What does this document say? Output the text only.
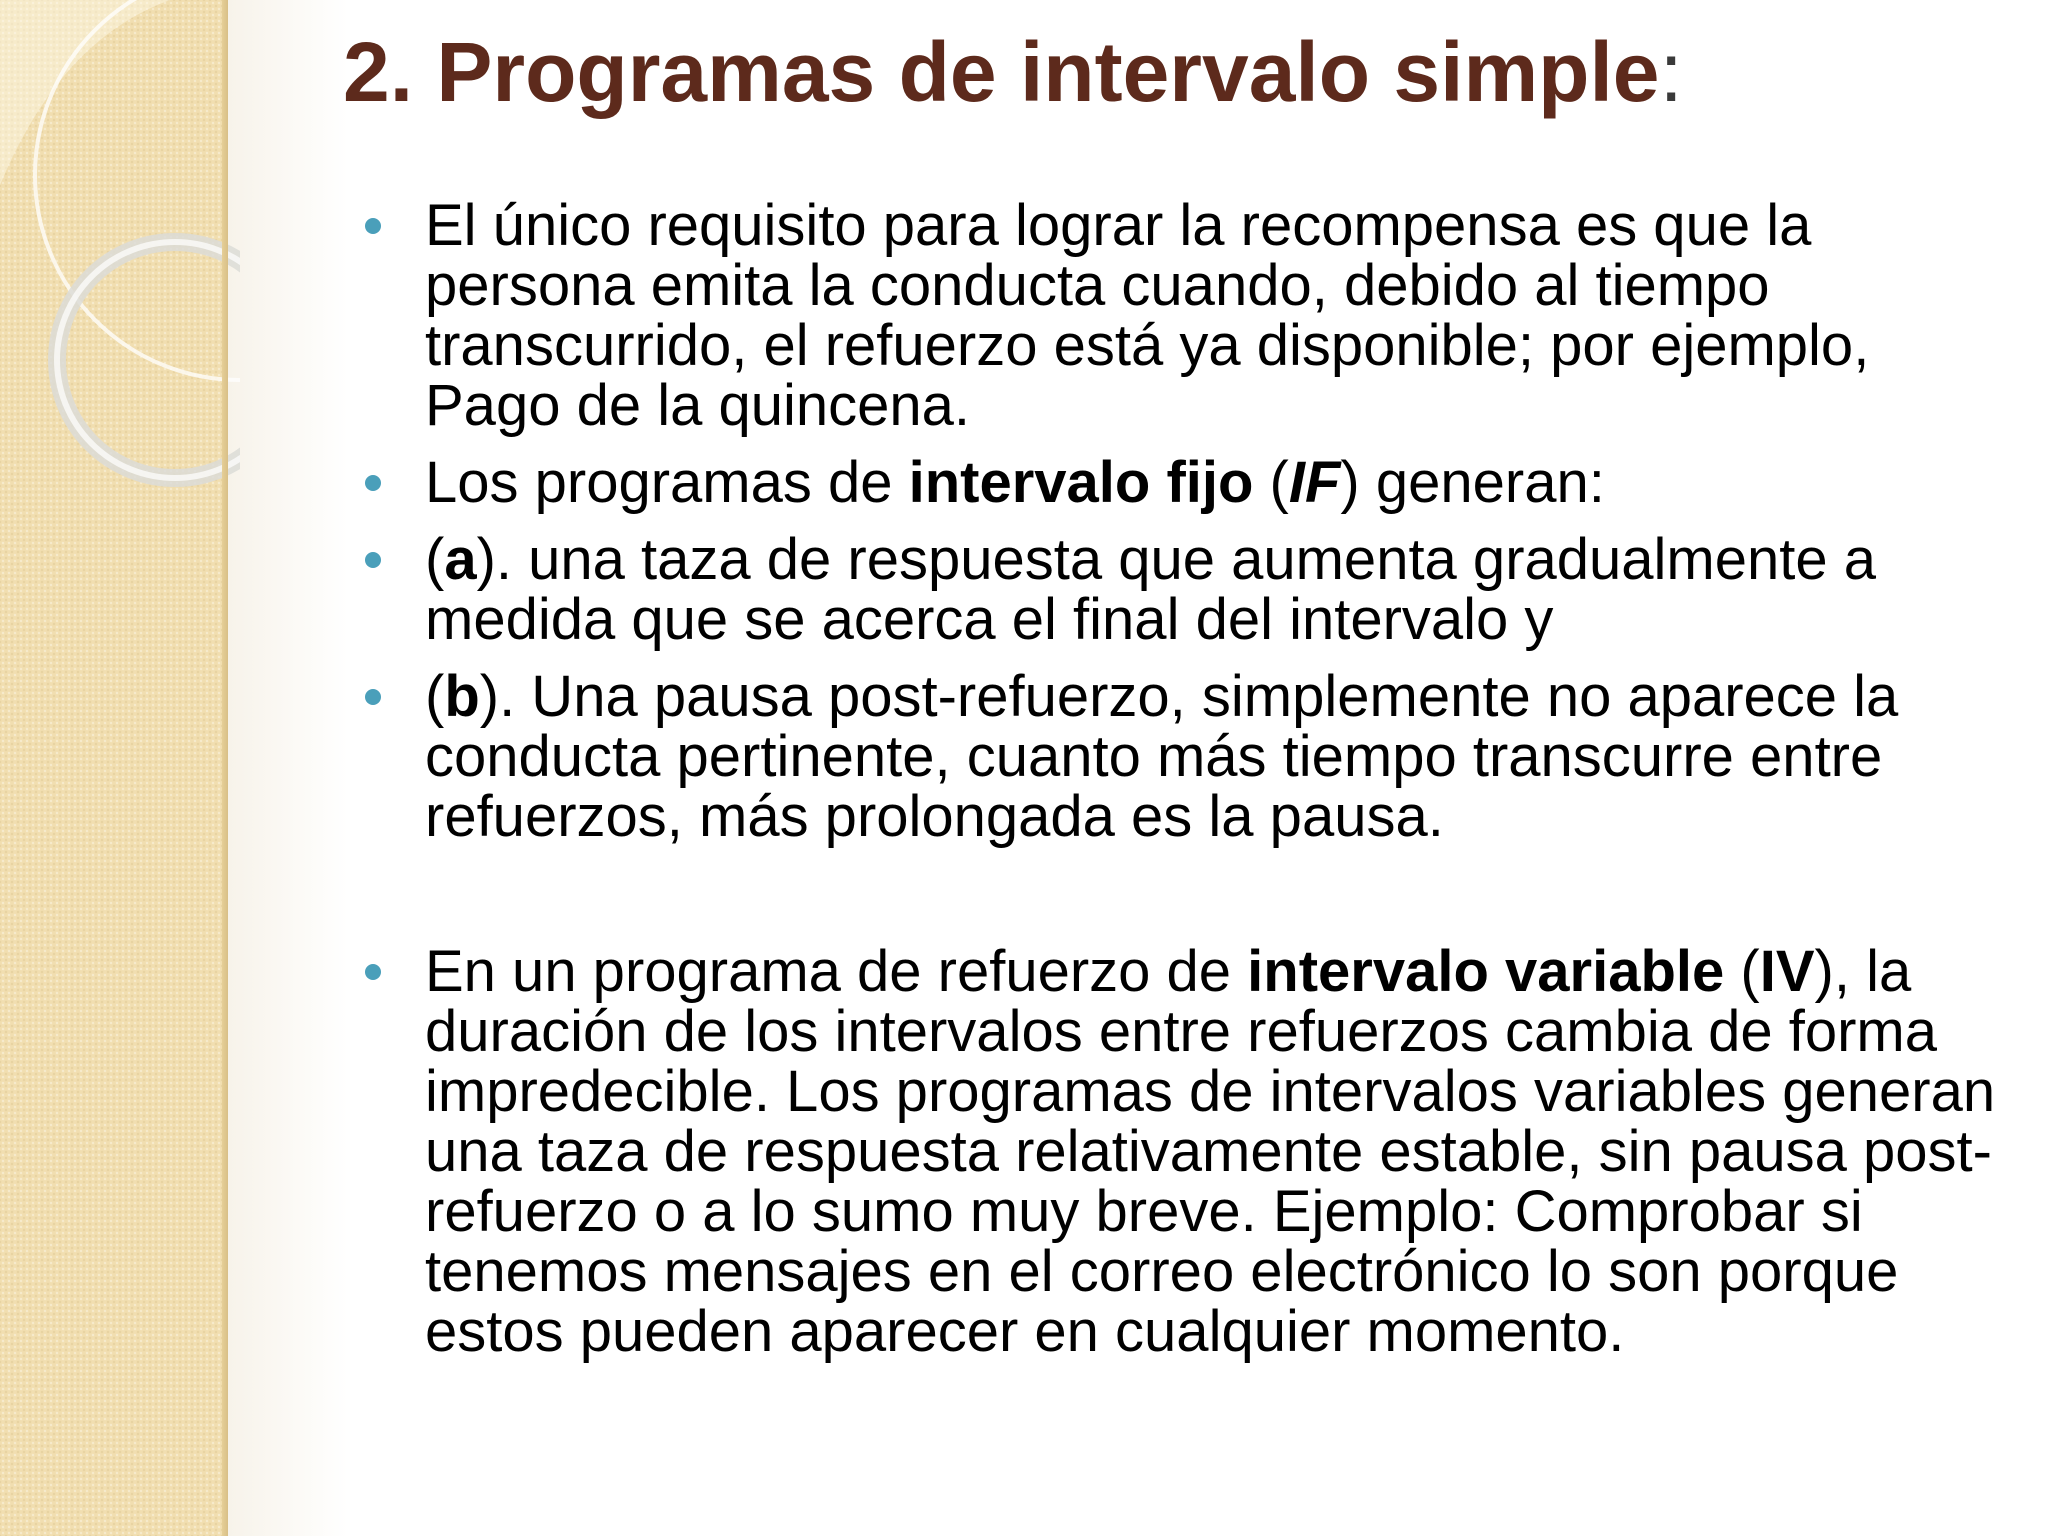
2. Programas de intervalo simple:
El único requisito para lograr la recompensa es que la persona emita la conducta cuando, debido al tiempo transcurrido, el refuerzo está ya disponible; por ejemplo, Pago de la quincena.
Los programas de intervalo fijo (IF) generan:
(a). una taza de respuesta que aumenta gradualmente a medida que se acerca el final del intervalo y
(b). Una pausa post-refuerzo, simplemente no aparece la conducta pertinente, cuanto más tiempo transcurre entre refuerzos, más prolongada es la pausa.
En un programa de refuerzo de intervalo variable (IV), la duración de los intervalos entre refuerzos cambia de forma impredecible. Los programas de intervalos variables generan una taza de respuesta relativamente estable, sin pausa post-refuerzo o a lo sumo muy breve. Ejemplo: Comprobar si tenemos mensajes en el correo electrónico lo son porque estos pueden aparecer en cualquier momento.
